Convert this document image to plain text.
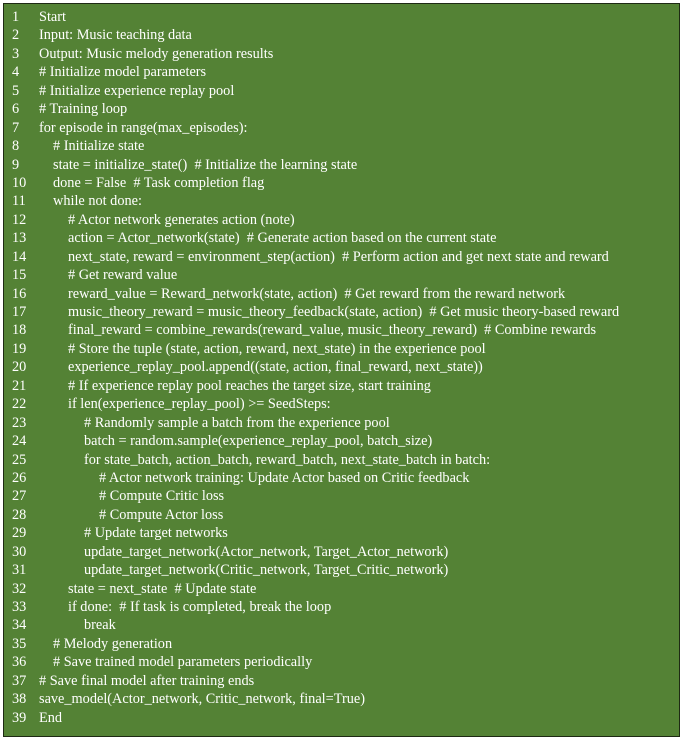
1	Start
2	Input: Music teaching data
3	Output: Music melody generation results
4	# Initialize model parameters
5	# Initialize experience replay pool
6	# Training loop
7	for episode in range(max_episodes):
8	# Initialize state
9	state = initialize_state()  # Initialize the learning state
10	done = False  # Task completion flag
11	while not done:
12	# Actor network generates action (note)
13	action = Actor_network(state)  # Generate action based on the current state
14	next_state, reward = environment_step(action)  # Perform action and get next state and reward
15	# Get reward value
16	reward_value = Reward_network(state, action)  # Get reward from the reward network
17	music_theory_reward = music_theory_feedback(state, action)  # Get music theory-based reward
18	final_reward = combine_rewards(reward_value, music_theory_reward)  # Combine rewards
19	# Store the tuple (state, action, reward, next_state) in the experience pool
20	experience_replay_pool.append((state, action, final_reward, next_state))
21	# If experience replay pool reaches the target size, start training
22	if len(experience_replay_pool) >= SeedSteps:
23	# Randomly sample a batch from the experience pool
24	batch = random.sample(experience_replay_pool, batch_size)
25	for state_batch, action_batch, reward_batch, next_state_batch in batch:
26	# Actor network training: Update Actor based on Critic feedback
27	# Compute Critic loss
28	# Compute Actor loss
29	# Update target networks
30	update_target_network(Actor_network, Target_Actor_network)
31	update_target_network(Critic_network, Target_Critic_network)
32	state = next_state  # Update state
33	if done:  # If task is completed, break the loop
34	break
35	# Melody generation
36	# Save trained model parameters periodically
37 # Save final model after training ends
38 save_model(Actor_network, Critic_network, final=True)
39 End
